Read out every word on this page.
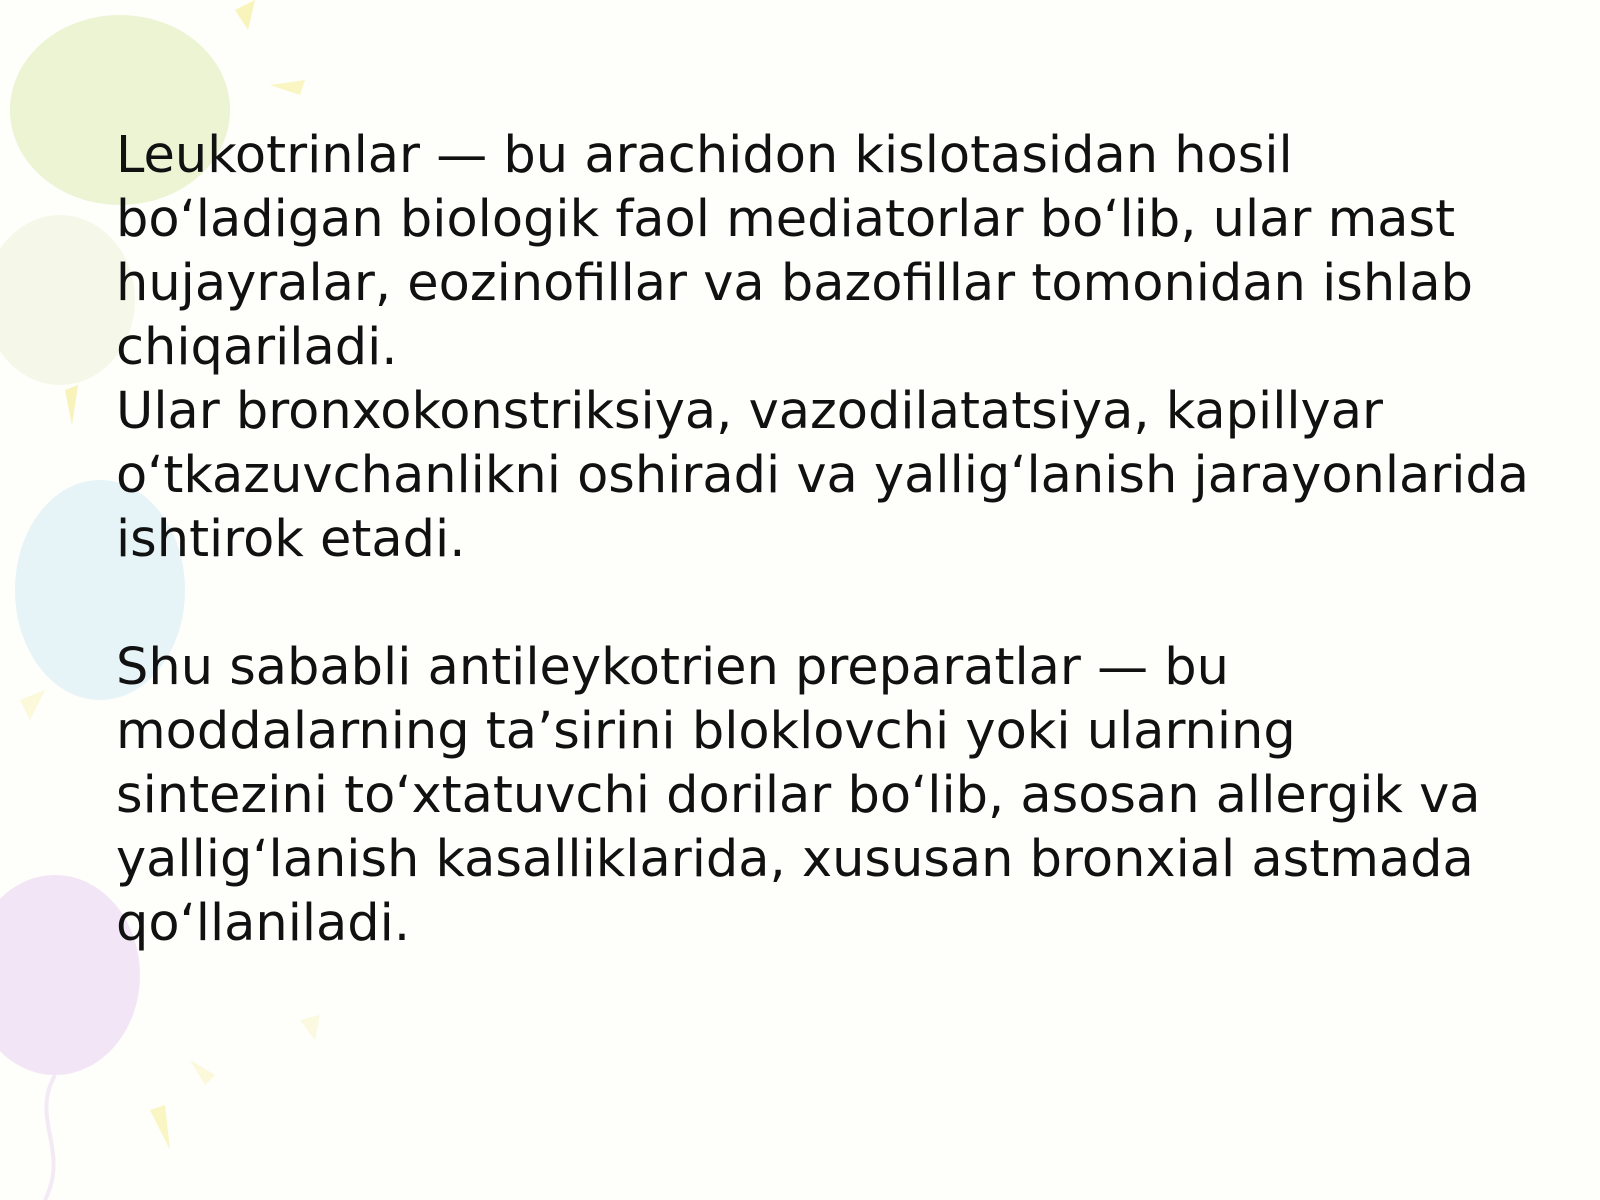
Leukotrinlar — bu arachidon kislotasidan hosil
bo‘ladigan biologik faol mediatorlar bo‘lib, ular mast
hujayralar, eozinofillar va bazofillar tomonidan ishlab
chiqariladi.
Ular bronxokonstriksiya, vazodilatatsiya, kapillyar
o‘tkazuvchanlikni oshiradi va yallig‘lanish jarayonlarida
ishtirok etadi.
Shu sababli antileykotrien preparatlar — bu
moddalarning ta’sirini bloklovchi yoki ularning
sintezini to‘xtatuvchi dorilar bo‘lib, asosan allergik va
yallig‘lanish kasalliklarida, xususan bronxial astmada
qo‘llaniladi.
